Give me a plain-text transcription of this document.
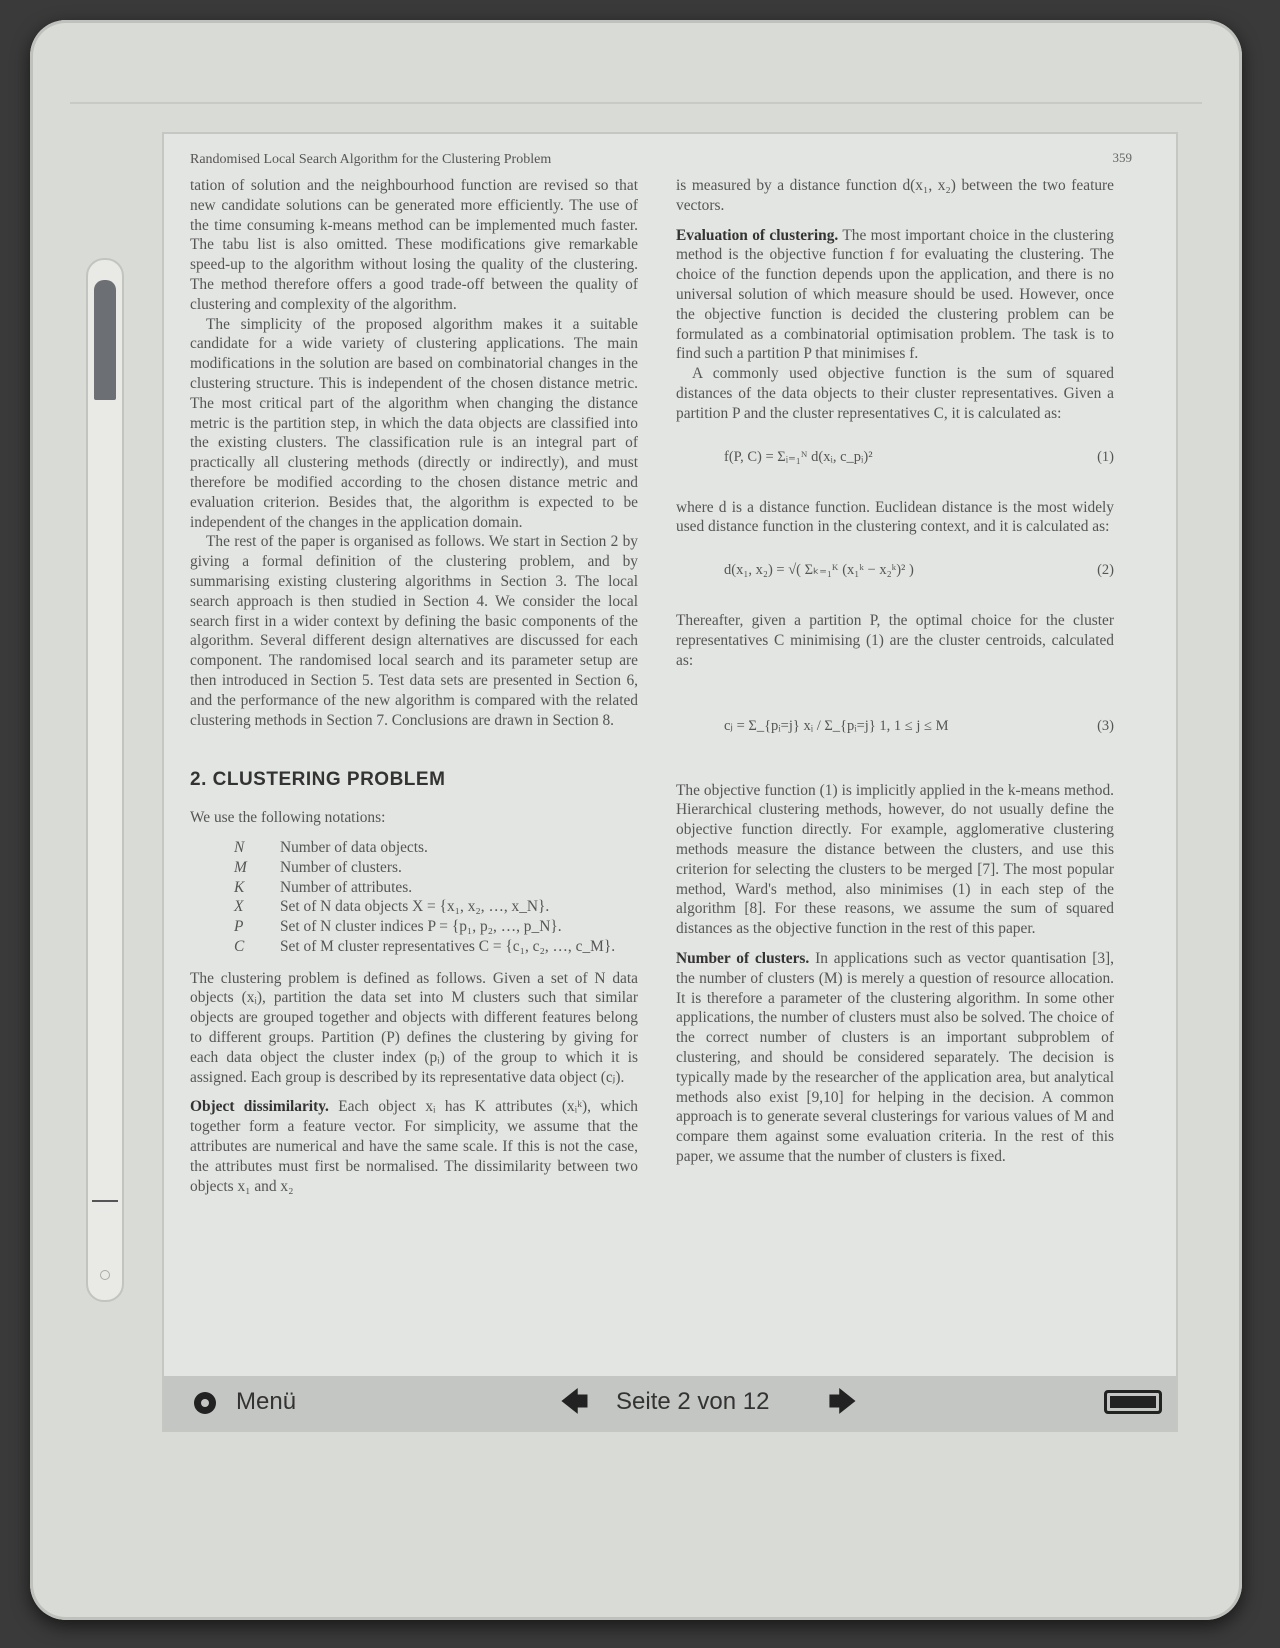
Randomised Local Search Algorithm for the Clustering Problem	359

tation of solution and the neighbourhood function are revised so that new candidate solutions can be generated more efficiently. The use of the time consuming k-means method can be implemented much faster. The tabu list is also omitted. These modifications give remarkable speed-up to the algorithm without losing the quality of the clustering. The method therefore offers a good trade-off between the quality of clustering and complexity of the algorithm.

The simplicity of the proposed algorithm makes it a suitable candidate for a wide variety of clustering applications. The main modifications in the solution are based on combinatorial changes in the clustering structure. This is independent of the chosen distance metric. The most critical part of the algorithm when changing the distance metric is the partition step, in which the data objects are classified into the existing clusters. The classification rule is an integral part of practically all clustering methods (directly or indirectly), and must therefore be modified according to the chosen distance metric and evaluation criterion. Besides that, the algorithm is expected to be independent of the changes in the application domain.

The rest of the paper is organised as follows. We start in Section 2 by giving a formal definition of the clustering problem, and by summarising existing clustering algorithms in Section 3. The local search approach is then studied in Section 4. We consider the local search first in a wider context by defining the basic components of the algorithm. Several different design alternatives are discussed for each component. The randomised local search and its parameter setup are then introduced in Section 5. Test data sets are presented in Section 6, and the performance of the new algorithm is compared with the related clustering methods in Section 7. Conclusions are drawn in Section 8.

2. CLUSTERING PROBLEM

We use the following notations:

N	Number of data objects.
M	Number of clusters.
K	Number of attributes.
X	Set of N data objects X = {x₁, x₂, …, x_N}.
P	Set of N cluster indices P = {p₁, p₂, …, p_N}.
C	Set of M cluster representatives C = {c₁, c₂, …, c_M}.

The clustering problem is defined as follows. Given a set of N data objects (xᵢ), partition the data set into M clusters such that similar objects are grouped together and objects with different features belong to different groups. Partition (P) defines the clustering by giving for each data object the cluster index (pᵢ) of the group to which it is assigned. Each group is described by its representative data object (cⱼ).

Object dissimilarity. Each object xᵢ has K attributes (xᵢᵏ), which together form a feature vector. For simplicity, we assume that the attributes are numerical and have the same scale. If this is not the case, the attributes must first be normalised. The dissimilarity between two objects x₁ and x₂

is measured by a distance function d(x₁, x₂) between the two feature vectors.

Evaluation of clustering. The most important choice in the clustering method is the objective function f for evaluating the clustering. The choice of the function depends upon the application, and there is no universal solution of which measure should be used. However, once the objective function is decided the clustering problem can be formulated as a combinatorial optimisation problem. The task is to find such a partition P that minimises f.

A commonly used objective function is the sum of squared distances of the data objects to their cluster representatives. Given a partition P and the cluster representatives C, it is calculated as:

f(P, C) = Σᵢ₌₁ᴺ d(xᵢ, c_pᵢ)²	(1)

where d is a distance function. Euclidean distance is the most widely used distance function in the clustering context, and it is calculated as:

d(x₁, x₂) = √( Σₖ₌₁ᴷ (x₁ᵏ − x₂ᵏ)² )	(2)

Thereafter, given a partition P, the optimal choice for the cluster representatives C minimising (1) are the cluster centroids, calculated as:

cⱼ = Σ_{pᵢ=j} xᵢ / Σ_{pᵢ=j} 1, 1 ≤ j ≤ M	(3)

The objective function (1) is implicitly applied in the k-means method. Hierarchical clustering methods, however, do not usually define the objective function directly. For example, agglomerative clustering methods measure the distance between the clusters, and use this criterion for selecting the clusters to be merged [7]. The most popular method, Ward's method, also minimises (1) in each step of the algorithm [8]. For these reasons, we assume the sum of squared distances as the objective function in the rest of this paper.

Number of clusters. In applications such as vector quantisation [3], the number of clusters (M) is merely a question of resource allocation. It is therefore a parameter of the clustering algorithm. In some other applications, the number of clusters must also be solved. The choice of the correct number of clusters is an important subproblem of clustering, and should be considered separately. The decision is typically made by the researcher of the application area, but analytical methods also exist [9,10] for helping in the decision. A common approach is to generate several clusterings for various values of M and compare them against some evaluation criteria. In the rest of this paper, we assume that the number of clusters is fixed.

Menü	🡄 Seite 2 von 12 🡆
